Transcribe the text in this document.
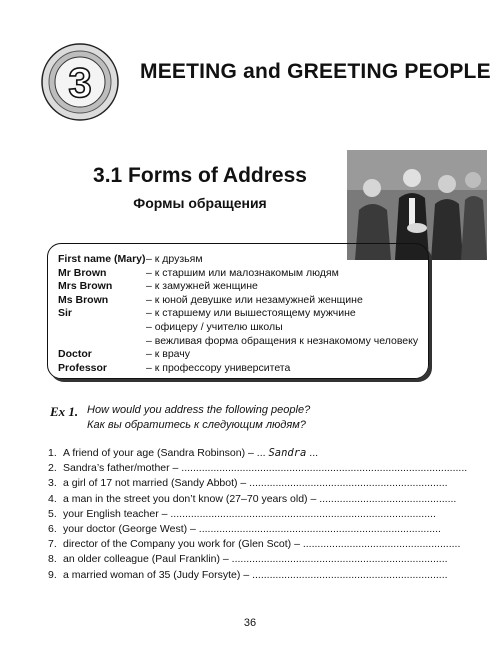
3 MEETING and GREETING PEOPLE
3.1 Forms of Address
Формы обращения
First name (Mary) – к друзьям
Mr Brown	– к старшим или малознакомым людям
Mrs Brown	– к замужней женщине
Ms Brown	– к юной девушке или незамужней женщине
Sir	– к старшему или вышестоящему мужчине
– офицеру / учителю школы
– вежливая форма обращения к незнакомому человеку
Doctor	– к врачу
Professor	– к профессору университета
Ex 1. How would you address the following people?
Как вы обратитесь к следующим людям?
1. A friend of your age (Sandra Robinson) – ... Sandra ...
2. Sandra’s father/mother – ..................................................................................................
3. a girl of 17 not married (Sandy Abbot) – ....................................................................
4. a man in the street you don’t know (27–70 years old) – ...............................................
5. your English teacher – ...........................................................................................
6. your doctor (George West) – ...................................................................................
7. director of the Company you work for (Glen Scot) – ......................................................
8. an older colleague (Paul Franklin) – ..........................................................................
9. a married woman of 35 (Judy Forsyte) – ...................................................................
36
